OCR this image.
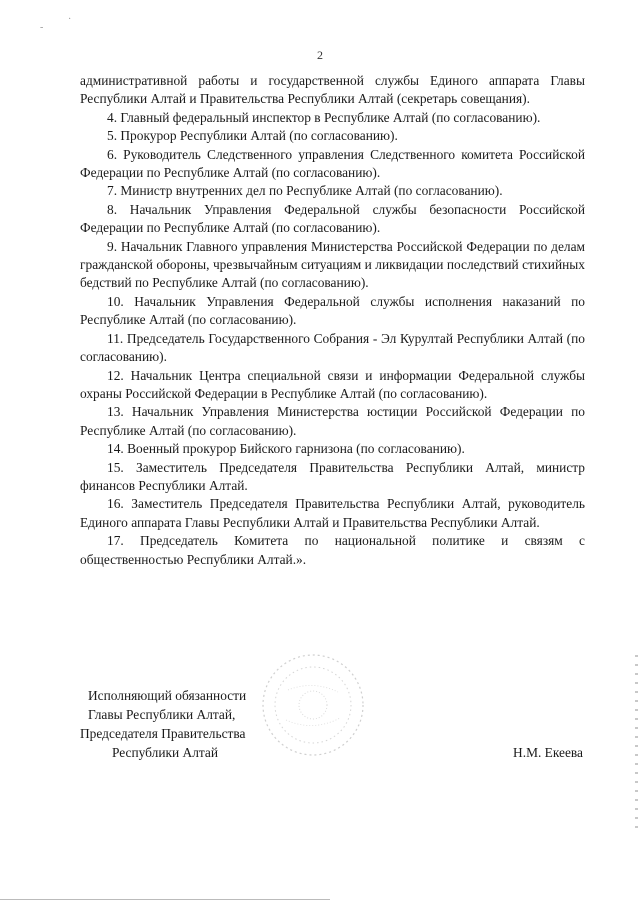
·
-
2

административной работы и государственной службы Единого аппарата Главы Республики Алтай и Правительства Республики Алтай (секретарь совещания).

4. Главный федеральный инспектор в Республике Алтай (по согласованию).

5. Прокурор Республики Алтай (по согласованию).

6. Руководитель Следственного управления Следственного комитета Российской Федерации по Республике Алтай (по согласованию).

7. Министр внутренних дел по Республике Алтай (по согласованию).

8. Начальник Управления Федеральной службы безопасности Российской Федерации по Республике Алтай (по согласованию).

9. Начальник Главного управления Министерства Российской Федерации по делам гражданской обороны, чрезвычайным ситуациям и ликвидации последствий стихийных бедствий по Республике Алтай (по согласованию).

10. Начальник Управления Федеральной службы исполнения наказаний по Республике Алтай (по согласованию).

11. Председатель Государственного Собрания - Эл Курултай Республики Алтай (по согласованию).

12. Начальник Центра специальной связи и информации Федеральной службы охраны Российской Федерации в Республике Алтай (по согласованию).

13. Начальник Управления Министерства юстиции Российской Федерации по Республике Алтай (по согласованию).

14. Военный прокурор Бийского гарнизона (по согласованию).

15. Заместитель Председателя Правительства Республики Алтай, министр финансов Республики Алтай.

16. Заместитель Председателя Правительства Республики Алтай, руководитель Единого аппарата Главы Республики Алтай и Правительства Республики Алтай.

17. Председатель Комитета по национальной политике и связям с общественностью Республики Алтай.».

Исполняющий обязанности
Главы Республики Алтай,
Председателя Правительства
Республики Алтай	Н.М. Екеева
